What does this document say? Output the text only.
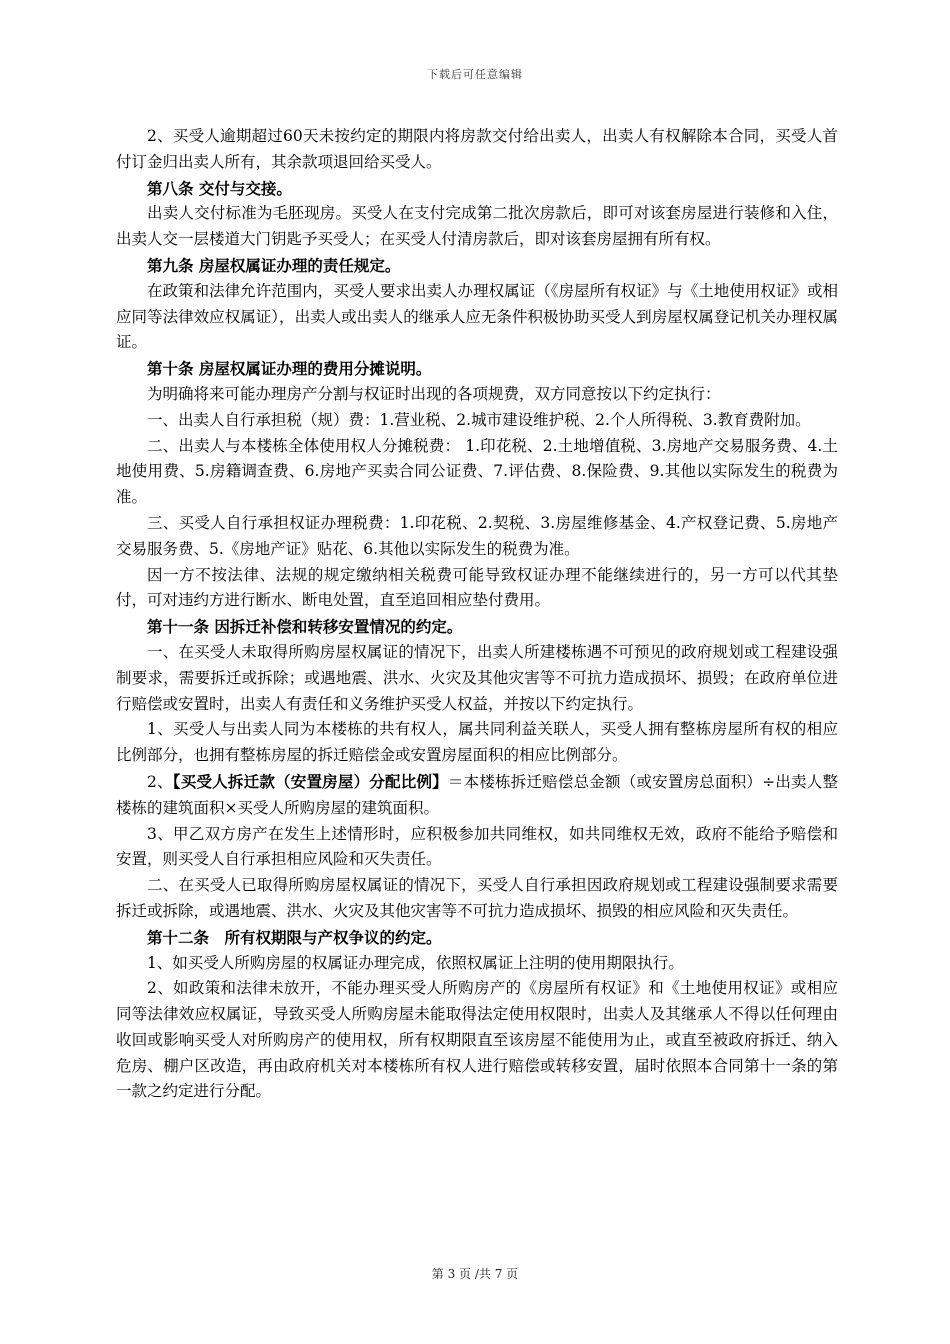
下载后可任意编辑

2、买受人逾期超过60天未按约定的期限内将房款交付给出卖人，出卖人有权解除本合同，买受人首付订金归出卖人所有，其余款项退回给买受人。

第八条 交付与交接。

出卖人交付标准为毛胚现房。买受人在支付完成第二批次房款后，即可对该套房屋进行装修和入住，出卖人交一层楼道大门钥匙予买受人；在买受人付清房款后，即对该套房屋拥有所有权。

第九条 房屋权属证办理的责任规定。

在政策和法律允许范围内，买受人要求出卖人办理权属证（《房屋所有权证》与《土地使用权证》或相应同等法律效应权属证），出卖人或出卖人的继承人应无条件积极协助买受人到房屋权属登记机关办理权属证。

第十条 房屋权属证办理的费用分摊说明。

为明确将来可能办理房产分割与权证时出现的各项规费，双方同意按以下约定执行：

一、出卖人自行承担税（规）费：1.营业税、2.城市建设维护税、2.个人所得税、3.教育费附加。

二、出卖人与本楼栋全体使用权人分摊税费： 1.印花税、2.土地增值税、3.房地产交易服务费、4.土地使用费、5.房籍调查费、6.房地产买卖合同公证费、7.评估费、8.保险费、9.其他以实际发生的税费为准。

三、买受人自行承担权证办理税费：1.印花税、2.契税、3.房屋维修基金、4.产权登记费、5.房地产交易服务费、5.《房地产证》贴花、6.其他以实际发生的税费为准。

因一方不按法律、法规的规定缴纳相关税费可能导致权证办理不能继续进行的，另一方可以代其垫付，可对违约方进行断水、断电处置，直至追回相应垫付费用。

第十一条 因拆迁补偿和转移安置情况的约定。

一、在买受人未取得所购房屋权属证的情况下，出卖人所建楼栋遇不可预见的政府规划或工程建设强制要求，需要拆迁或拆除；或遇地震、洪水、火灾及其他灾害等不可抗力造成损坏、损毁；在政府单位进行赔偿或安置时，出卖人有责任和义务维护买受人权益，并按以下约定执行。

1、买受人与出卖人同为本楼栋的共有权人，属共同利益关联人，买受人拥有整栋房屋所有权的相应比例部分，也拥有整栋房屋的拆迁赔偿金或安置房屋面积的相应比例部分。

2、【买受人拆迁款（安置房屋）分配比例】＝本楼栋拆迁赔偿总金额（或安置房总面积）÷出卖人整楼栋的建筑面积×买受人所购房屋的建筑面积。

3、甲乙双方房产在发生上述情形时，应积极参加共同维权，如共同维权无效，政府不能给予赔偿和安置，则买受人自行承担相应风险和灭失责任。

二、在买受人已取得所购房屋权属证的情况下，买受人自行承担因政府规划或工程建设强制要求需要拆迁或拆除，或遇地震、洪水、火灾及其他灾害等不可抗力造成损坏、损毁的相应风险和灭失责任。

第十二条　所有权期限与产权争议的约定。

1、如买受人所购房屋的权属证办理完成，依照权属证上注明的使用期限执行。

2、如政策和法律未放开，不能办理买受人所购房产的《房屋所有权证》和《土地使用权证》或相应同等法律效应权属证，导致买受人所购房屋未能取得法定使用权限时，出卖人及其继承人不得以任何理由收回或影响买受人对所购房产的使用权，所有权期限直至该房屋不能使用为止，或直至被政府拆迁、纳入危房、棚户区改造，再由政府机关对本楼栋所有权人进行赔偿或转移安置，届时依照本合同第十一条的第一款之约定进行分配。

第 3 页 /共 7 页
